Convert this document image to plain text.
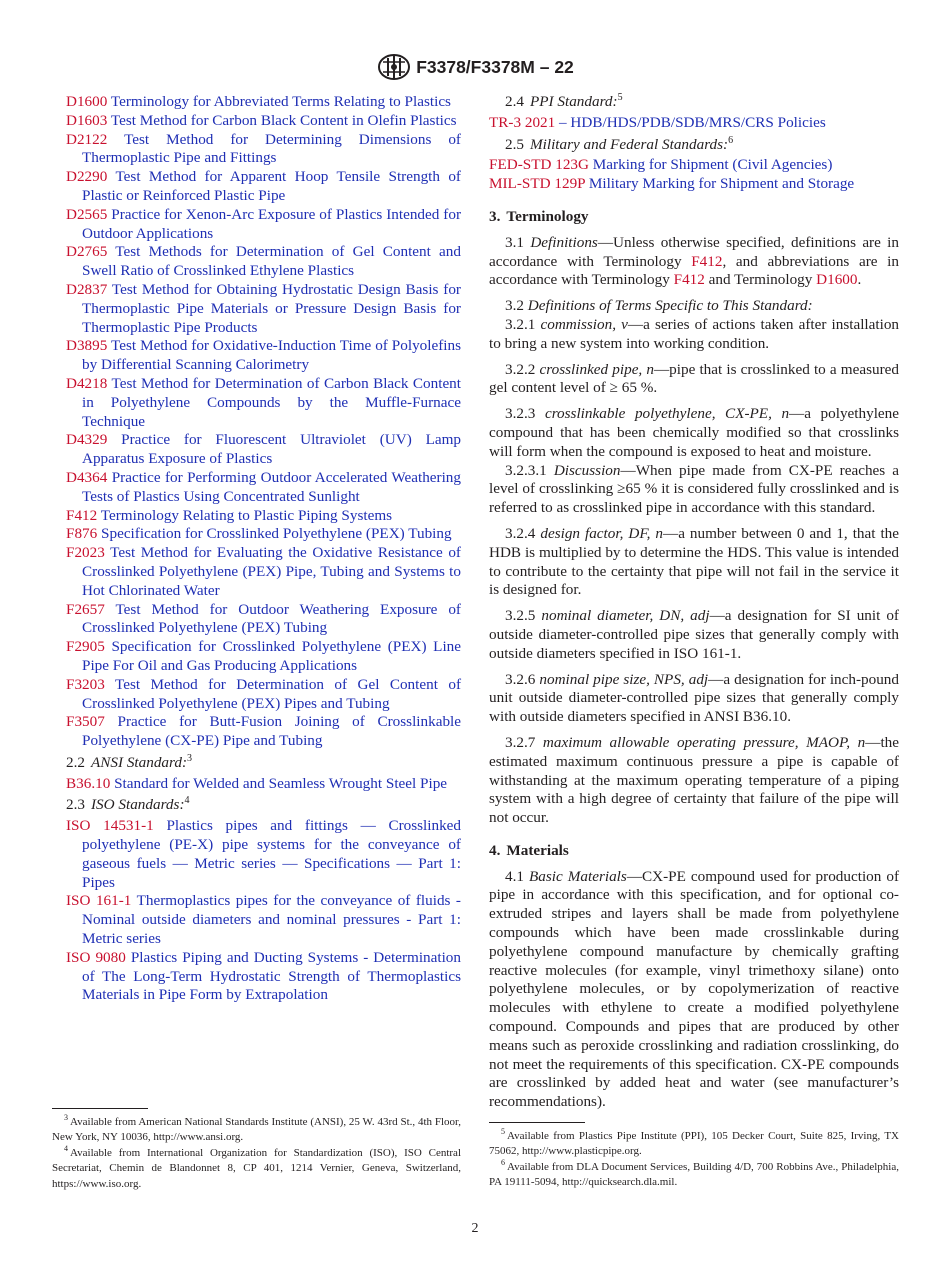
F3378/F3378M – 22

D1600 Terminology for Abbreviated Terms Relating to Plastics

D1603 Test Method for Carbon Black Content in Olefin Plastics

D2122 Test Method for Determining Dimensions of Thermoplastic Pipe and Fittings

D2290 Test Method for Apparent Hoop Tensile Strength of Plastic or Reinforced Plastic Pipe

D2565 Practice for Xenon-Arc Exposure of Plastics Intended for Outdoor Applications

D2765 Test Methods for Determination of Gel Content and Swell Ratio of Crosslinked Ethylene Plastics

D2837 Test Method for Obtaining Hydrostatic Design Basis for Thermoplastic Pipe Materials or Pressure Design Basis for Thermoplastic Pipe Products

D3895 Test Method for Oxidative-Induction Time of Polyolefins by Differential Scanning Calorimetry

D4218 Test Method for Determination of Carbon Black Content in Polyethylene Compounds by the Muffle-Furnace Technique

D4329 Practice for Fluorescent Ultraviolet (UV) Lamp Apparatus Exposure of Plastics

D4364 Practice for Performing Outdoor Accelerated Weathering Tests of Plastics Using Concentrated Sunlight

F412 Terminology Relating to Plastic Piping Systems

F876 Specification for Crosslinked Polyethylene (PEX) Tubing

F2023 Test Method for Evaluating the Oxidative Resistance of Crosslinked Polyethylene (PEX) Pipe, Tubing and Systems to Hot Chlorinated Water

F2657 Test Method for Outdoor Weathering Exposure of Crosslinked Polyethylene (PEX) Tubing

F2905 Specification for Crosslinked Polyethylene (PEX) Line Pipe For Oil and Gas Producing Applications

F3203 Test Method for Determination of Gel Content of Crosslinked Polyethylene (PEX) Pipes and Tubing

F3507 Practice for Butt-Fusion Joining of Crosslinkable Polyethylene (CX-PE) Pipe and Tubing

2.2 ANSI Standard:$^3$

B36.10 Standard for Welded and Seamless Wrought Steel Pipe

2.3 ISO Standards:$^4$

ISO 14531-1 Plastics pipes and fittings — Crosslinked polyethylene (PE-X) pipe systems for the conveyance of gaseous fuels — Metric series — Specifications — Part 1: Pipes

ISO 161-1 Thermoplastics pipes for the conveyance of fluids - Nominal outside diameters and nominal pressures - Part 1: Metric series

ISO 9080 Plastics Piping and Ducting Systems - Determination of The Long-Term Hydrostatic Strength of Thermoplastics Materials in Pipe Form by Extrapolation

2.4 PPI Standard:$^5$

TR-3 2021 – HDB/HDS/PDB/SDB/MRS/CRS Policies

2.5 Military and Federal Standards:$^6$

FED-STD 123G Marking for Shipment (Civil Agencies)

MIL-STD 129P Military Marking for Shipment and Storage

3. Terminology

3.1 Definitions—Unless otherwise specified, definitions are in accordance with Terminology F412, and abbreviations are in accordance with Terminology F412 and Terminology D1600.

3.2 Definitions of Terms Specific to This Standard:

3.2.1 commission, v—a series of actions taken after installation to bring a new system into working condition.

3.2.2 crosslinked pipe, n—pipe that is crosslinked to a measured gel content level of ≥ 65 %.

3.2.3 crosslinkable polyethylene, CX-PE, n—a polyethylene compound that has been chemically modified so that crosslinks will form when the compound is exposed to heat and moisture.

3.2.3.1 Discussion—When pipe made from CX-PE reaches a level of crosslinking ≥65 % it is considered fully crosslinked and is referred to as crosslinked pipe in accordance with this standard.

3.2.4 design factor, DF, n—a number between 0 and 1, that the HDB is multiplied by to determine the HDS. This value is intended to contribute to the certainty that pipe will not fail in the service it is designed for.

3.2.5 nominal diameter, DN, adj—a designation for SI unit of outside diameter-controlled pipe sizes that generally comply with outside diameters specified in ISO 161-1.

3.2.6 nominal pipe size, NPS, adj—a designation for inch-pound unit outside diameter-controlled pipe sizes that generally comply with outside diameters specified in ANSI B36.10.

3.2.7 maximum allowable operating pressure, MAOP, n—the estimated maximum continuous pressure a pipe is capable of withstanding at the maximum operating temperature of a piping system with a high degree of certainty that failure of the pipe will not occur.

4. Materials

4.1 Basic Materials—CX-PE compound used for production of pipe in accordance with this specification, and for optional co-extruded stripes and layers shall be made from polyethylene compounds which have been made crosslinkable during polyethylene compound manufacture by chemically grafting reactive molecules (for example, vinyl trimethoxy silane) onto polyethylene molecules, or by copolymerization of reactive molecules with ethylene to create a modified polyethylene compound. Compounds and pipes that are produced by other means such as peroxide crosslinking and radiation crosslinking, do not meet the requirements of this specification. CX-PE compounds are crosslinked by added heat and water (see manufacturer’s recommendations).

$^3$ Available from American National Standards Institute (ANSI), 25 W. 43rd St., 4th Floor, New York, NY 10036, http://www.ansi.org.

$^4$ Available from International Organization for Standardization (ISO), ISO Central Secretariat, Chemin de Blandonnet 8, CP 401, 1214 Vernier, Geneva, Switzerland, https://www.iso.org.

$^5$ Available from Plastics Pipe Institute (PPI), 105 Decker Court, Suite 825, Irving, TX 75062, http://www.plasticpipe.org.

$^6$ Available from DLA Document Services, Building 4/D, 700 Robbins Ave., Philadelphia, PA 19111-5094, http://quicksearch.dla.mil.

2
